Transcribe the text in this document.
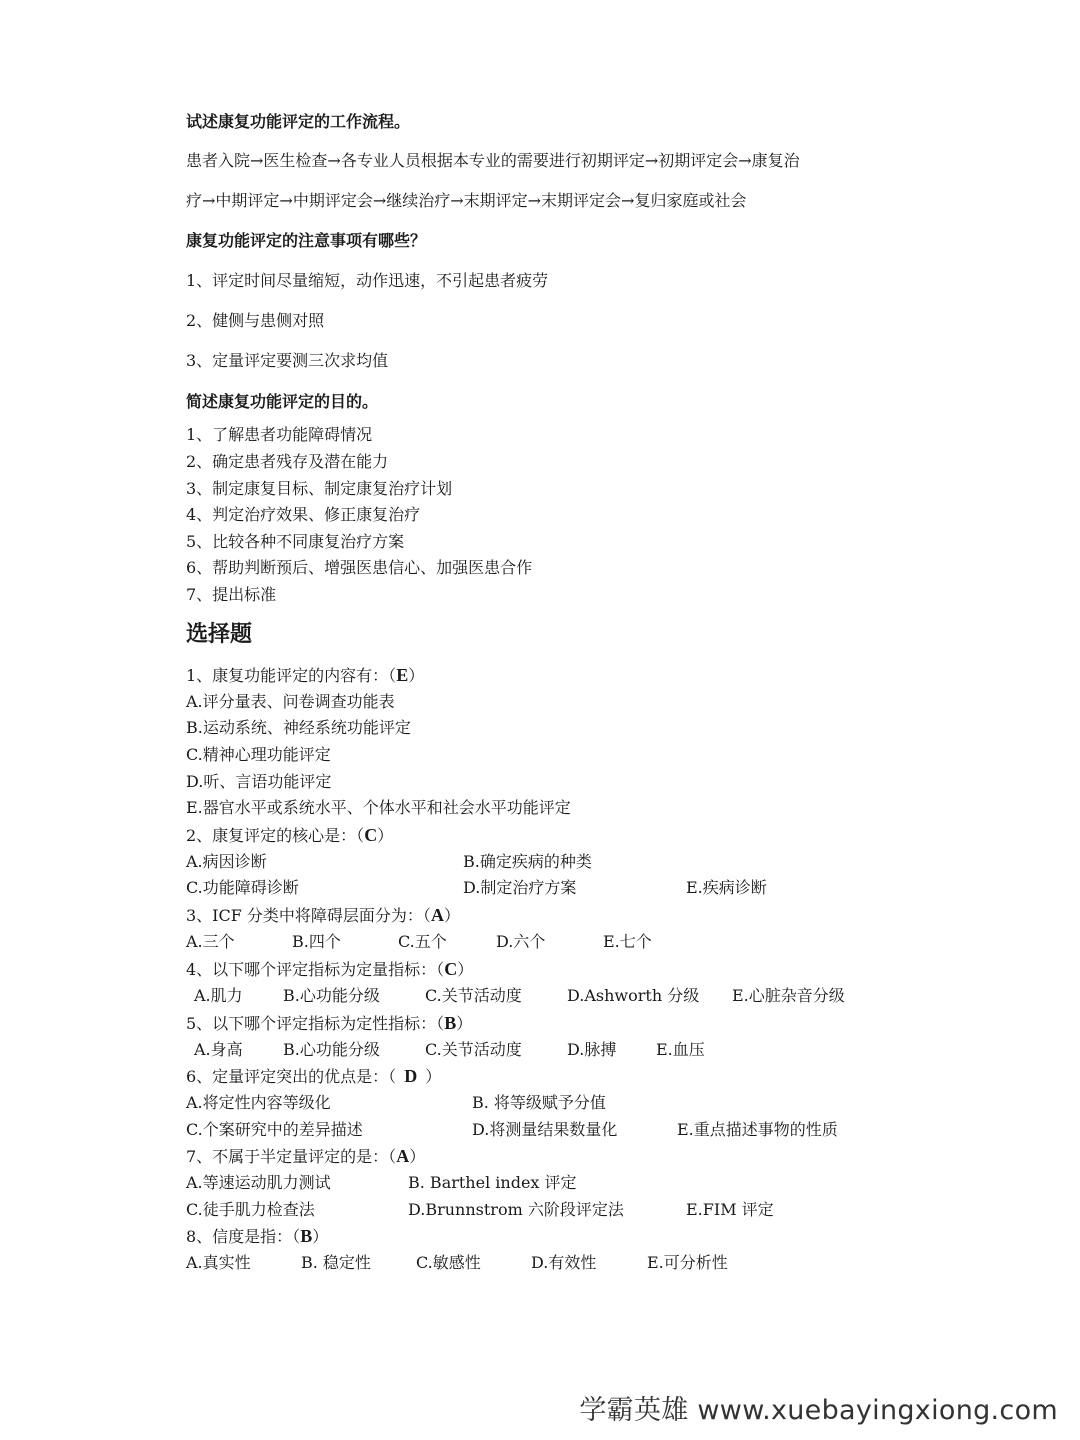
试述康复功能评定的工作流程。
患者入院→医生检查→各专业人员根据本专业的需要进行初期评定→初期评定会→康复治
疗→中期评定→中期评定会→继续治疗→末期评定→末期评定会→复归家庭或社会
康复功能评定的注意事项有哪些？
1、评定时间尽量缩短，动作迅速，不引起患者疲劳
2、健侧与患侧对照
3、定量评定要测三次求均值
简述康复功能评定的目的。
1、了解患者功能障碍情况
2、确定患者残存及潜在能力
3、制定康复目标、制定康复治疗计划
4、判定治疗效果、修正康复治疗
5、比较各种不同康复治疗方案
6、帮助判断预后、增强医患信心、加强医患合作
7、提出标准
选择题
1、康复功能评定的内容有：（E）
A.评分量表、问卷调查功能表
B.运动系统、神经系统功能评定
C.精神心理功能评定
D.听、言语功能评定
E.器官水平或系统水平、个体水平和社会水平功能评定
2、康复评定的核心是：（C）
A.病因诊断	B.确定疾病的种类
C.功能障碍诊断	D.制定治疗方案	E.疾病诊断
3、ICF 分类中将障碍层面分为：（A）
A.三个	B.四个	C.五个	D.六个	E.七个
4、以下哪个评定指标为定量指标：（C）
A.肌力	B.心功能分级	C.关节活动度	D.Ashworth 分级 E.心脏杂音分级
5、以下哪个评定指标为定性指标：（B）
A.身高	B.心功能分级	C.关节活动度	D.脉搏 E.血压
6、定量评定突出的优点是：（ D ）
A.将定性内容等级化	B. 将等级赋予分值
C.个案研究中的差异描述	D.将测量结果数量化	E.重点描述事物的性质
7、不属于半定量评定的是：（A）
A.等速运动肌力测试	B. Barthel index 评定
C.徒手肌力检查法	D.Brunnstrom 六阶段评定法	E.FIM 评定
8、信度是指：（B）
A.真实性	B. 稳定性	C.敏感性	D.有效性	E.可分析性
学霸英雄 www.xuebayingxiong.com
